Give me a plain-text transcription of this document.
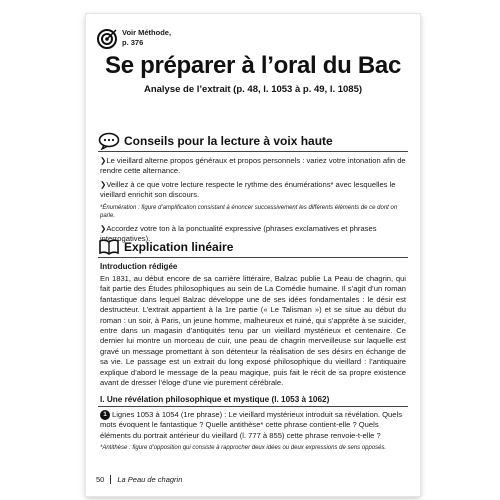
Voir Méthode,
p. 376
Se préparer à l’oral du Bac
Analyse de l’extrait (p. 48, l. 1053 à p. 49, l. 1085)
Conseils pour la lecture à voix haute

❯Le vieillard alterne propos généraux et propos personnels : variez votre intonation afin de rendre cette alternance.

❯Veillez à ce que votre lecture respecte le rythme des énumérations* avec lesquelles le vieillard enrichit son discours.

*Énumération : figure d’amplification consistant à énoncer successivement les différents éléments de ce dont on parle.

❯Accordez votre ton à la ponctualité expressive (phrases exclamatives et phrases interrogatives).

Explication linéaire
Introduction rédigée
En 1831, au début encore de sa carrière littéraire, Balzac publie La Peau de chagrin, qui fait partie des Études philosophiques au sein de La Comédie humaine. Il s’agit d’un roman fantastique dans lequel Balzac développe une de ses idées fondamentales : le désir est destructeur. L’extrait appartient à la 1re partie (« Le Talisman ») et se situe au début du roman : un soir, à Paris, un jeune homme, malheureux et ruiné, qui s’apprête à se suicider, entre dans un magasin d’antiquités tenu par un vieillard mystérieux et centenaire. Ce dernier lui montre un morceau de cuir, une peau de chagrin merveilleuse sur laquelle est gravé un message promettant à son détenteur la réalisation de ses désirs en échange de sa vie. Le passage est un extrait du long exposé philosophique du vieillard : l’antiquaire explique d’abord le message de la peau magique, puis fait le récit de sa propre existence avant de dresser l’éloge d’une vie purement cérébrale.
I. Une révélation philosophique et mystique (l. 1053 à 1062)
1 Lignes 1053 à 1054 (1re phrase) : Le vieillard mystérieux introduit sa révélation. Quels mots évoquent le fantastique ? Quelle antithèse* cette phrase contient-elle ? Quels éléments du portrait antérieur du vieillard (l. 777 à 855) cette phrase renvoie-t-elle ?
*Antithèse : figure d’opposition qui consiste à rapprocher deux idées ou deux expressions de sens opposés.
50	La Peau de chagrin
